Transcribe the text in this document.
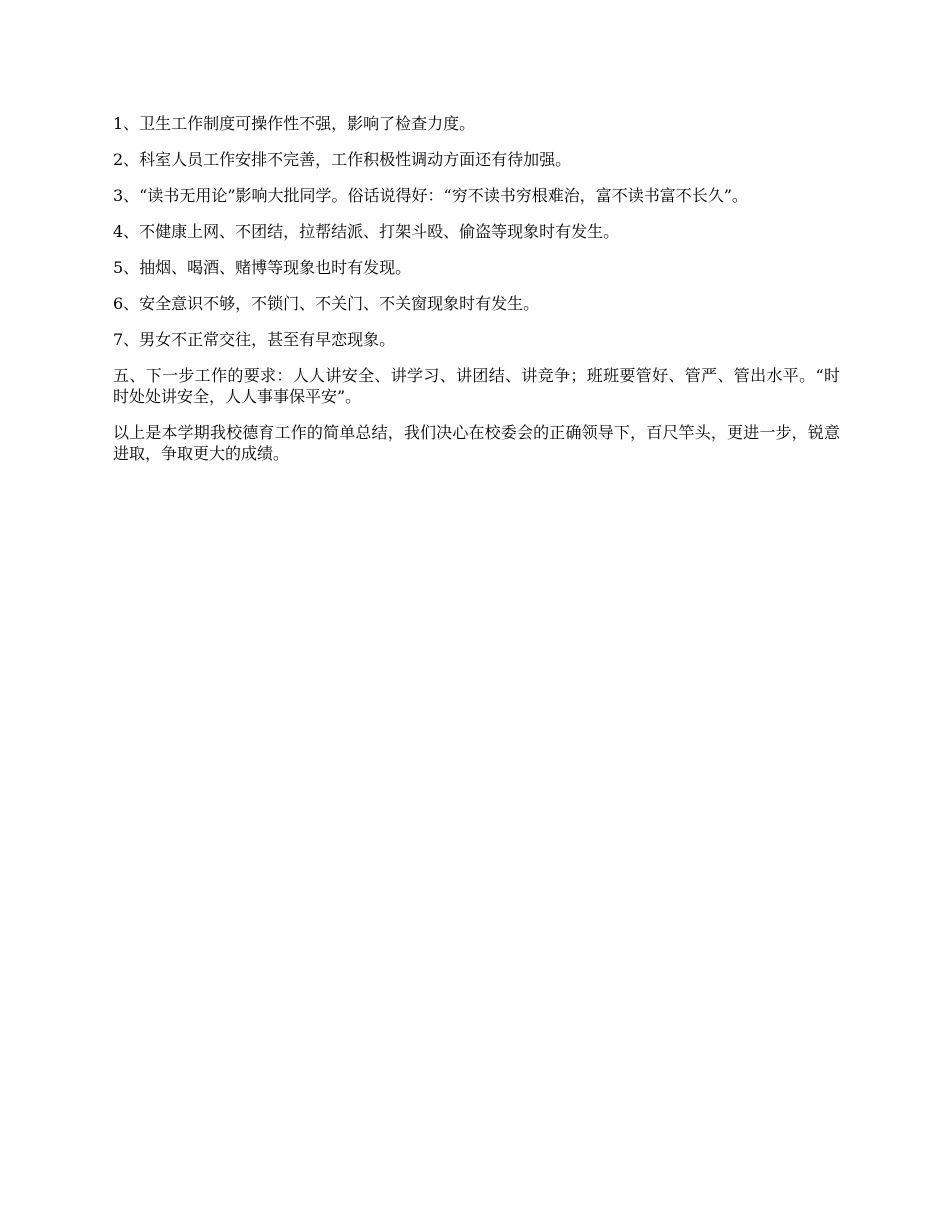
1、卫生工作制度可操作性不强，影响了检查力度。

2、科室人员工作安排不完善，工作积极性调动方面还有待加强。

3、“读书无用论”影响大批同学。俗话说得好：“穷不读书穷根难治，富不读书富不长久”。

4、不健康上网、不团结，拉帮结派、打架斗殴、偷盗等现象时有发生。

5、抽烟、喝酒、赌博等现象也时有发现。

6、安全意识不够，不锁门、不关门、不关窗现象时有发生。

7、男女不正常交往，甚至有早恋现象。

五、下一步工作的要求：人人讲安全、讲学习、讲团结、讲竞争；班班要管好、管严、管出水平。“时时处处讲安全，人人事事保平安”。

以上是本学期我校德育工作的简单总结，我们决心在校委会的正确领导下，百尺竿头，更进一步，锐意进取，争取更大的成绩。
